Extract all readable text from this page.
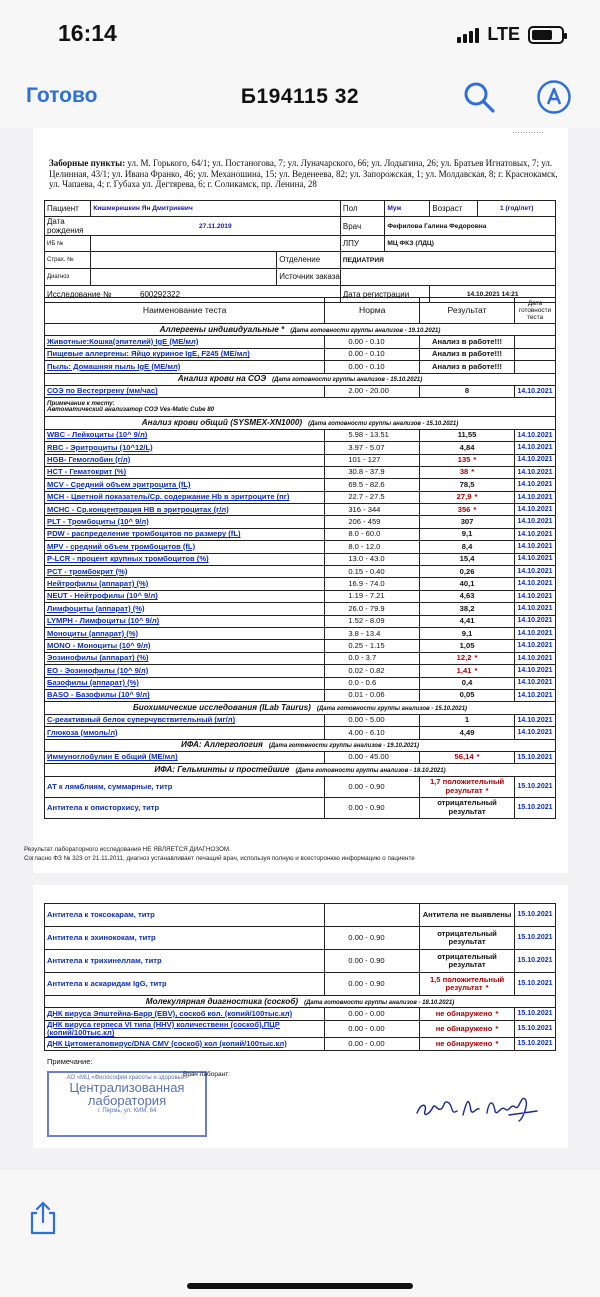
16:14	LTE
Готово	Б194115 32
…………
Заборные пункты: ул. М. Горького, 64/1; ул. Постаногова, 7; ул. Луначарского, 66; ул. Лодыгина, 26; ул. Братьев Игнатовых, 7; ул. Целинная, 43/1; ул. Ивана Франко, 46; ул. Механошина, 15; ул. Веденеева, 82; ул. Запорожская, 1; ул. Молдавская, 8; г. Краснокамск, ул. Чапаева, 4; г. Губаха ул. Дегтярева, 6; г. Соликамск, пр. Ленина, 28
Пациент	Кишмерешкин Ян Дмитриевич	Пол	Муж	Возраст	1 (год/лет)
Дата рождения	27.11.2019	Врач	Фефилова Галина Федоровна		
ИБ №		ЛПУ	МЦ ФКЗ (ЛДЦ)		
Страх. №	Отделение	ПЕДИАТРИЯ			
Диагноз	Источник заказа				

Исследование № 600292322		Дата регистрации		14.10.2021 14:21	
Наименование теста	Норма	Результат	Дата готовности теста
Аллергены индивидуальные * (Дата готовности группы анализов - 19.10.2021)			
Животные:Кошка(эпителий) IgE (МЕ/мл)	0.00 - 0.10	Анализ в работе!!!	
Пищевые аллергены: Яйцо куриное IgE, F245 (МЕ/мл)	0.00 - 0.10	Анализ в работе!!!	
Пыль: Домашняя пыль IgE (МЕ/мл)	0.00 - 0.10	Анализ в работе!!!	
Анализ крови на СОЭ (Дата готовности группы анализов - 15.10.2021)			
СОЭ по Вестергрену (мм/час)	2.00 - 20.00	8	14.10.2021
Примечание к тесту:
Автоматический анализатор СОЭ Ves-Matic Cube 80			
Анализ крови общий (SYSMEX-XN1000) (Дата готовности группы анализов - 15.10.2021)			
WBC - Лейкоциты (10^ 9/л)	5.98 - 13.51	11,55	14.10.2021
RBC - Эритроциты (10^12/L)	3.97 - 5.07	4,84	14.10.2021
HGB- Гемоглобин (г/л)	101 - 127	135 *	14.10.2021
HCT - Гематокрит (%)	30.8 - 37.9	38 *	14.10.2021
MCV - Средний объем эритроцита (fL)	69.5 - 82.6	78,5	14.10.2021
MCH - Цветной показатель/Ср. содержание Hb в эритроците (пг)	22.7 - 27.5	27,9 *	14.10.2021
MCHC - Ср.концентрация HB в эритроцитах (г/л)	316 - 344	356 *	14.10.2021
PLT - Тромбоциты (10^ 9/л)	206 - 459	307	14.10.2021
PDW - распределение тромбоцитов по размеру (fL)	8.0 - 60.0	9,1	14.10.2021
MPV - средний объем тромбоцитов (fL)	8.0 - 12.0	8,4	14.10.2021
P-LCR - процент крупных тромбоцитов (%)	13.0 - 43.0	15,4	14.10.2021
PCT - тромбокрит (%)	0.15 - 0.40	0,26	14.10.2021
Нейтрофилы (аппарат) (%)	16.9 - 74.0	40,1	14.10.2021
NEUT - Нейтрофилы (10^ 9/л)	1.19 - 7.21	4,63	14.10.2021
Лимфоциты (аппарат) (%)	26.0 - 79.9	38,2	14.10.2021
LYMPH - Лимфоциты (10^ 9/л)	1.52 - 8.09	4,41	14.10.2021
Моноциты (аппарат) (%)	3.8 - 13.4	9,1	14.10.2021
MONO - Моноциты (10^ 9/л)	0.25 - 1.15	1,05	14.10.2021
Эозинофилы (аппарат) (%)	0.0 - 3.7	12,2 *	14.10.2021
EO - Эозинофилы (10^ 9/л)	0.02 - 0.82	1,41 *	14.10.2021
Базофилы (аппарат) (%)	0.0 - 0.6	0,4	14.10.2021
BASO - Базофилы (10^ 9/л)	0.01 - 0.06	0,05	14.10.2021
Биохимические исследования (ILab Taurus) (Дата готовности группы анализов - 15.10.2021)			
С-реактивный белок суперчувствительный (мг/л)	0.00 - 5.00	1	14.10.2021
Глюкоза (ммоль/л)	4.00 - 6.10	4,49	14.10.2021
ИФА: Аллергология (Дата готовности группы анализов - 19.10.2021)			
Иммуноглобулин E общий (МЕ/мл)	0.00 - 45.00	56,14 *	15.10.2021
ИФА: Гельминты и простейшие (Дата готовности группы анализов - 18.10.2021)			
АТ к лямблиям, суммарные, титр	0.00 - 0.90	1,7 положительный результат *	15.10.2021
Антитела к описторхису, титр	0.00 - 0.90	отрицательный результат	15.10.2021
Результат лабораторного исследования НЕ ЯВЛЯЕТСЯ ДИАГНОЗОМ.
Согласно ФЗ № 323 от 21.11.2011, диагноз устанавливает лечащий врач, используя полную и всесторонюю информацию о пациенте
Антитела к токсокарам, титр		Антитела не выявлены	15.10.2021
Антитела к эхинококам, титр	0.00 - 0.90	отрицательный результат	15.10.2021
Антитела к трихинеллам, титр	0.00 - 0.90	отрицательный результат	15.10.2021
Антитела к аскаридам IgG, титр	0.00 - 0.90	1,5 положительный результат *	15.10.2021
Молекулярная диагностика (соскоб) (Дата готовности группы анализов - 18.10.2021)			
ДНК вируса Эпштейна-Барр (EBV), соскоб кол. (копий/100тыс.кл)	0.00 - 0.00	не обнаружено *	15.10.2021
ДНК вируса герпеса VI типа (HHV) количественн (соскоб),ПЦР (копий/100тыс.кл)	0.00 - 0.00	не обнаружено *	15.10.2021
ДНК Цитомегаловирус/DNA CMV (соскоб) кол (копий/100тыс.кл)	0.00 - 0.00	не обнаружено *	15.10.2021
Примечание:
АО «МЦ «Философия красоты и здоровья»
Централизованная лаборатория
г. Пермь, ул. КИМ, 64
Врач лаборант:
